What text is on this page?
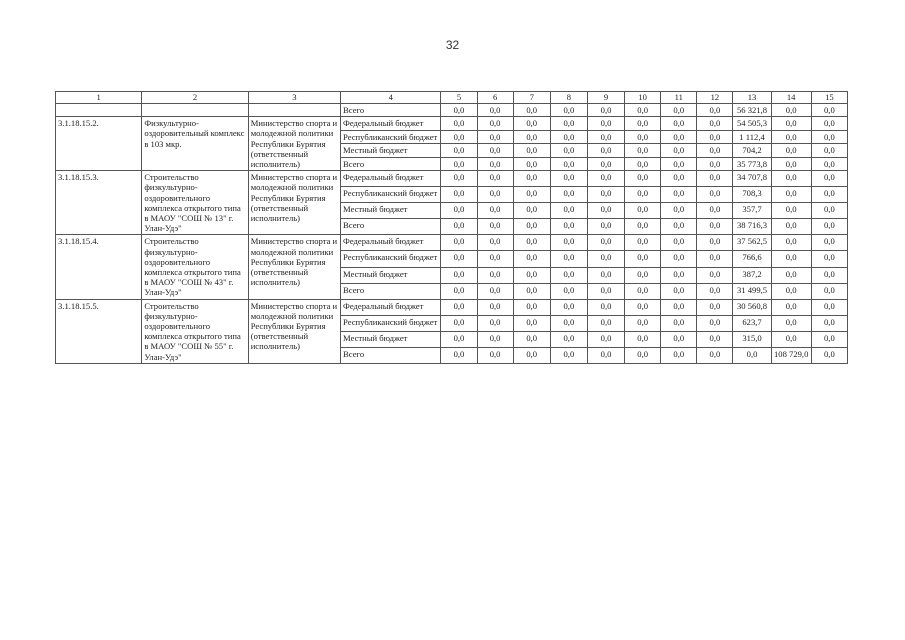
32
1	2	3	4	5	6	7	8	9	10	11	12	13	14	15
			Всего	0,0	0,0	0,0	0,0	0,0	0,0	0,0	0,0	56 321,8	0,0	0,0
3.1.18.15.2.	Физкультурно-оздоровительный комплекс в 103 мкр.	Министерство спорта и молодежной политики Республики Бурятия (ответственный исполнитель)	Федеральный бюджет	0,0	0,0	0,0	0,0	0,0	0,0	0,0	0,0	54 505,3	0,0	0,0
			Республиканский бюджет	0,0	0,0	0,0	0,0	0,0	0,0	0,0	0,0	1 112,4	0,0	0,0
			Местный бюджет	0,0	0,0	0,0	0,0	0,0	0,0	0,0	0,0	704,2	0,0	0,0
			Всего	0,0	0,0	0,0	0,0	0,0	0,0	0,0	0,0	35 773,8	0,0	0,0
3.1.18.15.3.	Строительство физкультурно-оздоровительного комплекса открытого типа в МАОУ "СОШ № 13" г. Улан-Удэ"	Министерство спорта и молодежной политики Республики Бурятия (ответственный исполнитель)	Федеральный бюджет	0,0	0,0	0,0	0,0	0,0	0,0	0,0	0,0	34 707,8	0,0	0,0
			Республиканский бюджет	0,0	0,0	0,0	0,0	0,0	0,0	0,0	0,0	708,3	0,0	0,0
			Местный бюджет	0,0	0,0	0,0	0,0	0,0	0,0	0,0	0,0	357,7	0,0	0,0
			Всего	0,0	0,0	0,0	0,0	0,0	0,0	0,0	0,0	38 716,3	0,0	0,0
3.1.18.15.4.	Строительство физкультурно-оздоровительного комплекса открытого типа в МАОУ "СОШ № 43" г. Улан-Удэ"	Министерство спорта и молодежной политики Республики Бурятия (ответственный исполнитель)	Федеральный бюджет	0,0	0,0	0,0	0,0	0,0	0,0	0,0	0,0	37 562,5	0,0	0,0
			Республиканский бюджет	0,0	0,0	0,0	0,0	0,0	0,0	0,0	0,0	766,6	0,0	0,0
			Местный бюджет	0,0	0,0	0,0	0,0	0,0	0,0	0,0	0,0	387,2	0,0	0,0
			Всего	0,0	0,0	0,0	0,0	0,0	0,0	0,0	0,0	31 499,5	0,0	0,0
3.1.18.15.5.	Строительство физкультурно-оздоровительного комплекса открытого типа в МАОУ "СОШ № 55" г. Улан-Удэ"	Министерство спорта и молодежной политики Республики Бурятия (ответственный исполнитель)	Федеральный бюджет	0,0	0,0	0,0	0,0	0,0	0,0	0,0	0,0	30 560,8	0,0	0,0
			Республиканский бюджет	0,0	0,0	0,0	0,0	0,0	0,0	0,0	0,0	623,7	0,0	0,0
			Местный бюджет	0,0	0,0	0,0	0,0	0,0	0,0	0,0	0,0	315,0	0,0	0,0
			Всего	0,0	0,0	0,0	0,0	0,0	0,0	0,0	0,0	0,0	108 729,0	0,0
